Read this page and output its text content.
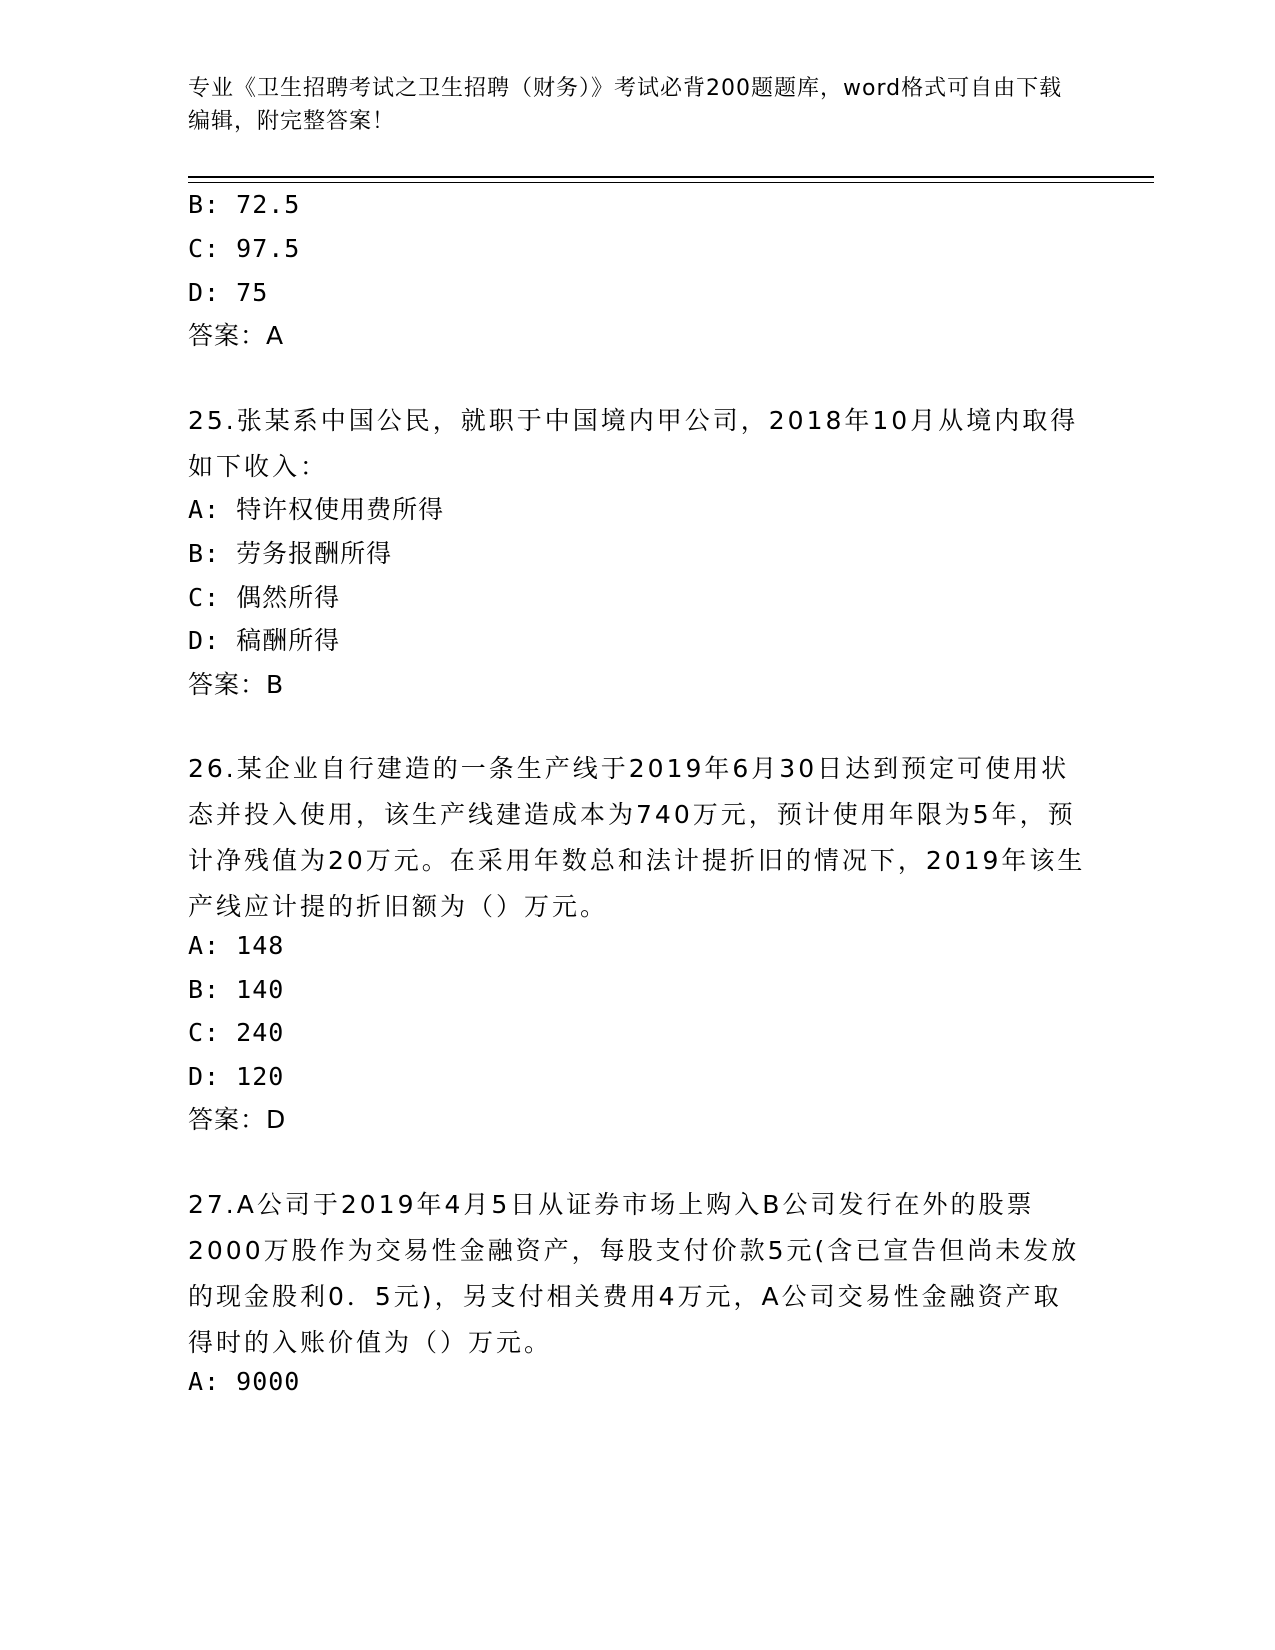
专业《卫生招聘考试之卫生招聘（财务）》考试必背200题题库，word格式可自由下载编辑，附完整答案！
B: 72.5
C: 97.5
D: 75
答案：A
25.张某系中国公民，就职于中国境内甲公司，2018年10月从境内取得如下收入：
A: 特许权使用费所得
B: 劳务报酬所得
C: 偶然所得
D: 稿酬所得
答案：B
26.某企业自行建造的一条生产线于2019年6月30日达到预定可使用状态并投入使用，该生产线建造成本为740万元，预计使用年限为5年，预计净残值为20万元。在采用年数总和法计提折旧的情况下，2019年该生产线应计提的折旧额为（）万元。
A: 148
B: 140
C: 240
D: 120
答案：D
27.A公司于2019年4月5日从证券市场上购入B公司发行在外的股票2000万股作为交易性金融资产，每股支付价款5元(含已宣告但尚未发放的现金股利0．5元)，另支付相关费用4万元，A公司交易性金融资产取得时的入账价值为（）万元。
A: 9000
